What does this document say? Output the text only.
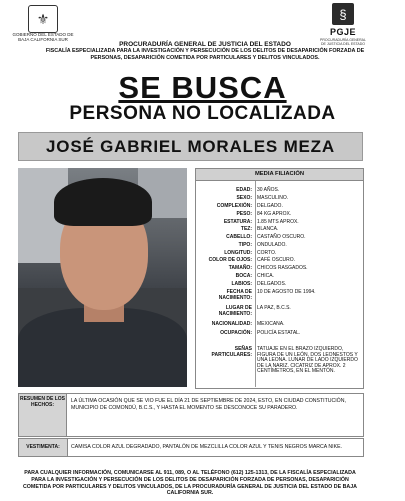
⚜
GOBIERNO DEL ESTADO DE BAJA CALIFORNIA SUR
§
PGJE
PROCURADURÍA GENERAL DE JUSTICIA DEL ESTADO
PROCURADURÍA GENERAL DE JUSTICIA DEL ESTADO
FISCALÍA ESPECIALIZADA PARA LA INVESTIGACIÓN Y PERSECUCIÓN DE LOS DELITOS DE DESAPARICIÓN FORZADA DE PERSONAS, DESAPARICIÓN COMETIDA POR PARTICULARES Y DELITOS VINCULADOS.
SE BUSCA
PERSONA NO LOCALIZADA
JOSÉ GABRIEL MORALES MEZA
MEDIA FILIACIÓN
EDAD: 30 AÑOS.
SEXO: MASCULINO.
COMPLEXIÓN: DELGADO.
PESO: 84 KG APROX.
ESTATURA: 1.85 MTS APROX.
TEZ: BLANCA.
CABELLO: CASTAÑO OSCURO.
TIPO: ONDULADO.
LONGITUD: CORTO.
COLOR DE OJOS: CAFÉ OSCURO.
TAMAÑO: CHICOS RASGADOS.
BOCA: CHICA.
LABIOS: DELGADOS.
FECHA DE NACIMIENTO:
10 DE AGOSTO DE 1994.
LUGAR DE NACIMIENTO:
LA PAZ, B.C.S.
NACIONALIDAD: MEXICANA.
OCUPACIÓN: POLICÍA ESTATAL.
SEÑAS PARTICULARES:
TATUAJE EN EL BRAZO IZQUIERDO, FIGURA DE UN LEÓN, DOS LEONESTOS Y UNA LEONA. LUNAR DE LADO IZQUIERDO DE LA NARIZ. CICATRIZ DE APROX. 2 CENTÍMETROS, EN EL MENTÓN.
RESUMEN DE LOS HECHOS:
LA ÚLTIMA OCASIÓN QUE SE VIO FUE EL DÍA 21 DE SEPTIEMBRE DE 2024, ESTO, EN CIUDAD CONSTITUCIÓN, MUNICIPIO DE COMONDÚ, B.C.S., Y HASTA EL MOMENTO SE DESCONOCE SU PARADERO.
VESTIMENTA:	CAMISA COLOR AZUL DEGRADADO, PANTALÓN DE MEZCLILLA COLOR AZUL Y TENIS NEGROS MARCA NIKE.
PARA CUALQUIER INFORMACIÓN, COMUNICARSE AL 911, 089, O AL TELÉFONO (612) 125-1313, DE LA FISCALÍA ESPECIALIZADA PARA LA INVESTIGACIÓN Y PERSECUCIÓN DE LOS DELITOS DE DESAPARICIÓN FORZADA DE PERSONAS, DESAPARICIÓN COMETIDA POR PARTICULARES Y DELITOS VINCULADOS, DE LA PROCURADURÍA GENERAL DE JUSTICIA DEL ESTADO DE BAJA CALIFORNIA SUR.
